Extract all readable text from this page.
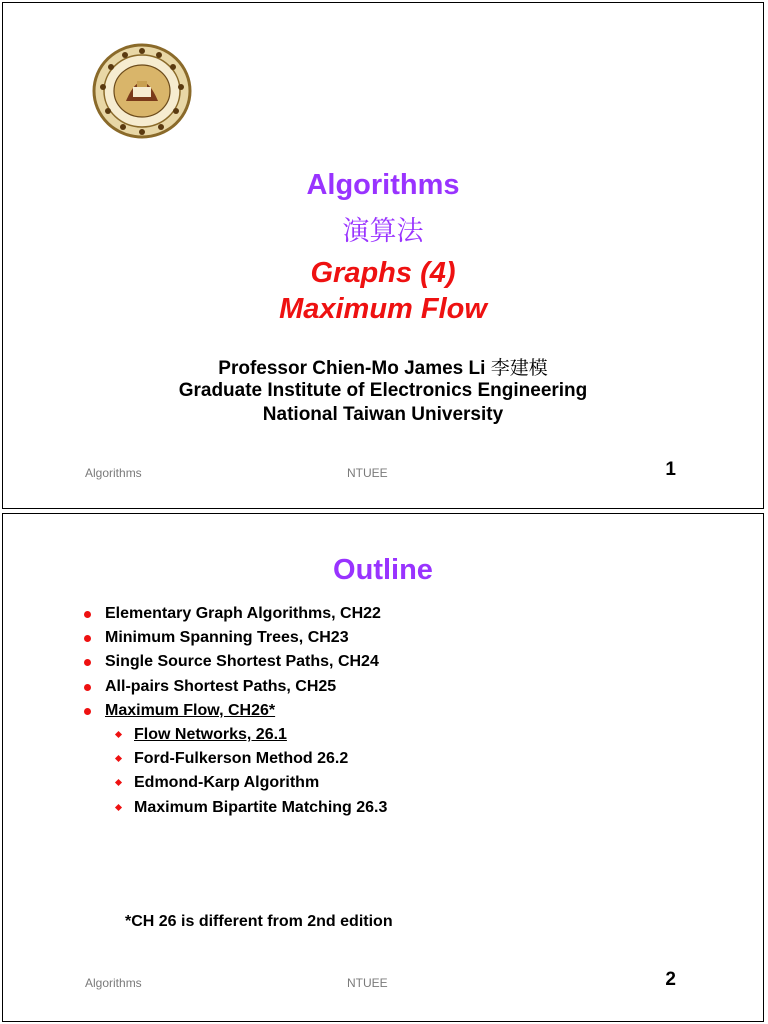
Algorithms
演算法
Graphs (4)
Maximum Flow
Professor Chien-Mo James Li 李建模
Graduate Institute of Electronics Engineering
National Taiwan University
Algorithms	NTUEE	1
Outline
Elementary Graph Algorithms, CH22
Minimum Spanning Trees, CH23
Single Source Shortest Paths, CH24
All-pairs Shortest Paths, CH25
Maximum Flow, CH26*
Flow Networks, 26.1
Ford-Fulkerson Method 26.2
Edmond-Karp Algorithm
Maximum Bipartite Matching 26.3
*CH 26 is different from 2nd edition
Algorithms	NTUEE	2
